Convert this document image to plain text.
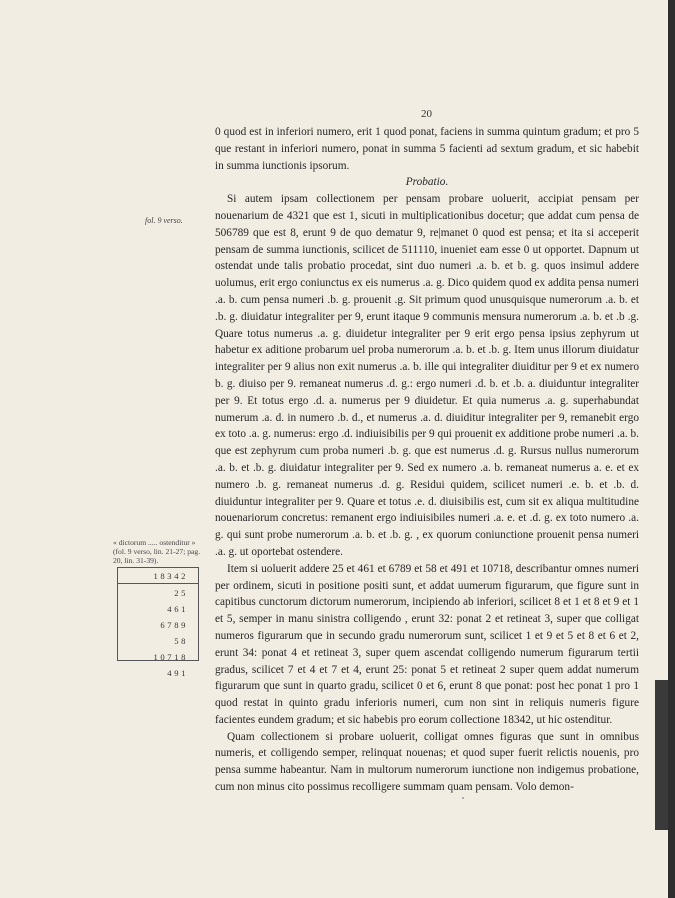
20
fol. 9 verso.
« dictorum ..... ostenditur » (fol. 9 verso, lin. 21-27; pag. 20, lin. 31-39).
18342
25
461
6789
58
10718
491

0 quod est in inferiori numero, erit 1 quod ponat, faciens in summa quintum gradum; et pro 5 que restant in inferiori numero, ponat in summa 5 facienti ad sextum gradum, et sic habebit in summa iunctionis ipsorum.

Probatio.

Si autem ipsam collectionem per pensam probare uoluerit, accipiat pensam per nouenarium de 4321 que est 1, sicuti in multiplicationibus docetur; que addat cum pensa de 506789 que est 8, erunt 9 de quo dematur 9, re|manet 0 quod est pensa; et ita si acceperit pensam de summa iunctionis, scilicet de 511110, inueniet eam esse 0 ut opportet. Dapnum ut ostendat unde talis probatio procedat, sint duo numeri .a. b. et b. g. quos insimul addere uolumus, erit ergo coniunctus ex eis numerus .a. g. Dico quidem quod ex addita pensa numeri .a. b. cum pensa numeri .b. g. prouenit .g. Sit primum quod unusquisque numerorum .a. b. et .b. g. diuidatur integraliter per 9, erunt itaque 9 communis mensura numerorum .a. b. et .b .g. Quare totus numerus .a. g. diuidetur integraliter per 9 erit ergo pensa ipsius zephyrum ut habetur ex aditione probarum uel proba numerorum .a. b. et .b. g. Item unus illorum diuidatur integraliter per 9 alius non exit numerus .a. b. ille qui integraliter diuiditur per 9 et ex numero b. g. diuiso per 9. remaneat numerus .d. g.: ergo numeri .d. b. et .b. a. diuiduntur integraliter per 9. Et totus ergo .d. a. numerus per 9 diuidetur. Et quia numerus .a. g. superhabundat numerum .a. d. in numero .b. d., et numerus .a. d. diuiditur integraliter per 9, remanebit ergo ex toto .a. g. numerus: ergo .d. indiuisibilis per 9 qui prouenit ex additione probe numeri .a. b. que est zephyrum cum proba numeri .b. g. que est numerus .d. g. Rursus nullus numerorum .a. b. et .b. g. diuidatur integraliter per 9. Sed ex numero .a. b. remaneat numerus a. e. et ex numero .b. g. remaneat numerus .d. g. Residui quidem, scilicet numeri .e. b. et .b. d. diuiduntur integraliter per 9. Quare et totus .e. d. diuisibilis est, cum sit ex aliqua multitudine nouenariorum concretus: remanent ergo indiuisibiles numeri .a. e. et .d. g. ex toto numero .a. g. qui sunt probe numerorum .a. b. et .b. g. , ex quorum coniunctione prouenit pensa numeri .a. g. ut oportebat ostendere.

Item si uoluerit addere 25 et 461 et 6789 et 58 et 491 et 10718, describantur omnes numeri per ordinem, sicuti in positione positi sunt, et addat uumerum figurarum, que figure sunt in capitibus cunctorum dictorum numerorum, incipiendo ab inferiori, scilicet 8 et 1 et 8 et 9 et 1 et 5, semper in manu sinistra colligendo , erunt 32: ponat 2 et retineat 3, super que colligat numeros figurarum que in secundo gradu numerorum sunt, scilicet 1 et 9 et 5 et 8 et 6 et 2, erunt 34: ponat 4 et retineat 3, super quem ascendat colligendo numerum figurarum tertii gradus, scilicet 7 et 4 et 7 et 4, erunt 25: ponat 5 et retineat 2 super quem addat numerum figurarum que sunt in quarto gradu, scilicet 0 et 6, erunt 8 que ponat: post hec ponat 1 pro 1 quod restat in quinto gradu inferioris numeri, cum non sint in reliquis numeris figure facientes eundem gradum; et sic habebis pro eorum collectione 18342, ut hic ostenditur.

Quam collectionem si probare uoluerit, colligat omnes figuras que sunt in omnibus numeris, et colligendo semper, relinquat nouenas; et quod super fuerit relictis nouenis, pro pensa summe habeantur. Nam in multorum numerorum iunctione non indigemus probatione, cum non minus cito possimus recolligere summam quam pensam. Volo demon-
